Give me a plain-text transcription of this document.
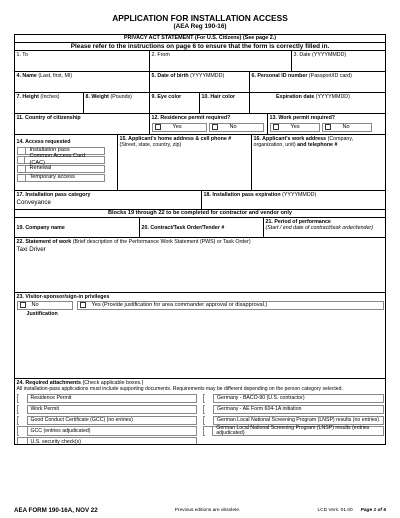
APPLICATION FOR INSTALLATION ACCESS
(AEA Reg 190-16)
PRIVACY ACT STATEMENT (For U.S. Citizens) (See page 2.)
Please refer to the instructions on page 6 to ensure that the form is correctly filled in.
1. To	2. From	3. Date (YYYYMMDD)
4. Name (Last, first, MI)	5. Date of birth (YYYYMMDD)	6. Personal ID number (Passport/ID card)
7. Height (Inches)	8. Weight (Pounds)	9. Eye color	10. Hair color	Expiration date (YYYYMMDD)
11. Country of citizenship	12. Residence permit required?
Yes	No
13. Work permit required?
Yes	No
14. Access requested
Installation pass
Common Access Card (CAC)
Renewal
Temporary access
15. Applicant's home address & cell phone #
(Street, state, country, zip)
16. Applicant's work address (Company,
organization, unit) and telephone #
17. Installation pass category
Conveyance
18. Installation pass expiration (YYYYMMDD)
Blocks 19 through 22 to be completed for contractor and vendor only
19. Company name	20. Contract/Task Order/Tender #
21. Period of performance
(Start / end date of contract/task order/tender)
22. Statement of work (Brief description of the Performance Work Statement (PWS) or Task Order)
Taxi Driver
23. Visitor-sponsor/sign-in privileges
No	Yes (Provide justification for area commander approval or disapproval.)
Justification
24. Required attachments (Check applicable boxes.)
All installation-pass applications must include supporting documents. Requirements may be different depending on the person category selected.
Residence Permit	Germany - BACO-90 (U.S. contractor)
Work Permit	Germany - AE Form 604-1A initiation
Good Conduct Certificate (GCC) (no entries)	German Local National Screening Program (LNSP) results (no entries)
GCC (entries adjudicated)	German Local National Screening Program (LNSP) results (entries adjudicated)
U.S. security check(s)
AEA FORM 190-16A, NOV 22	Previous editions are obsolete.	LCD Vers. 01.00 Page 1 of 6
